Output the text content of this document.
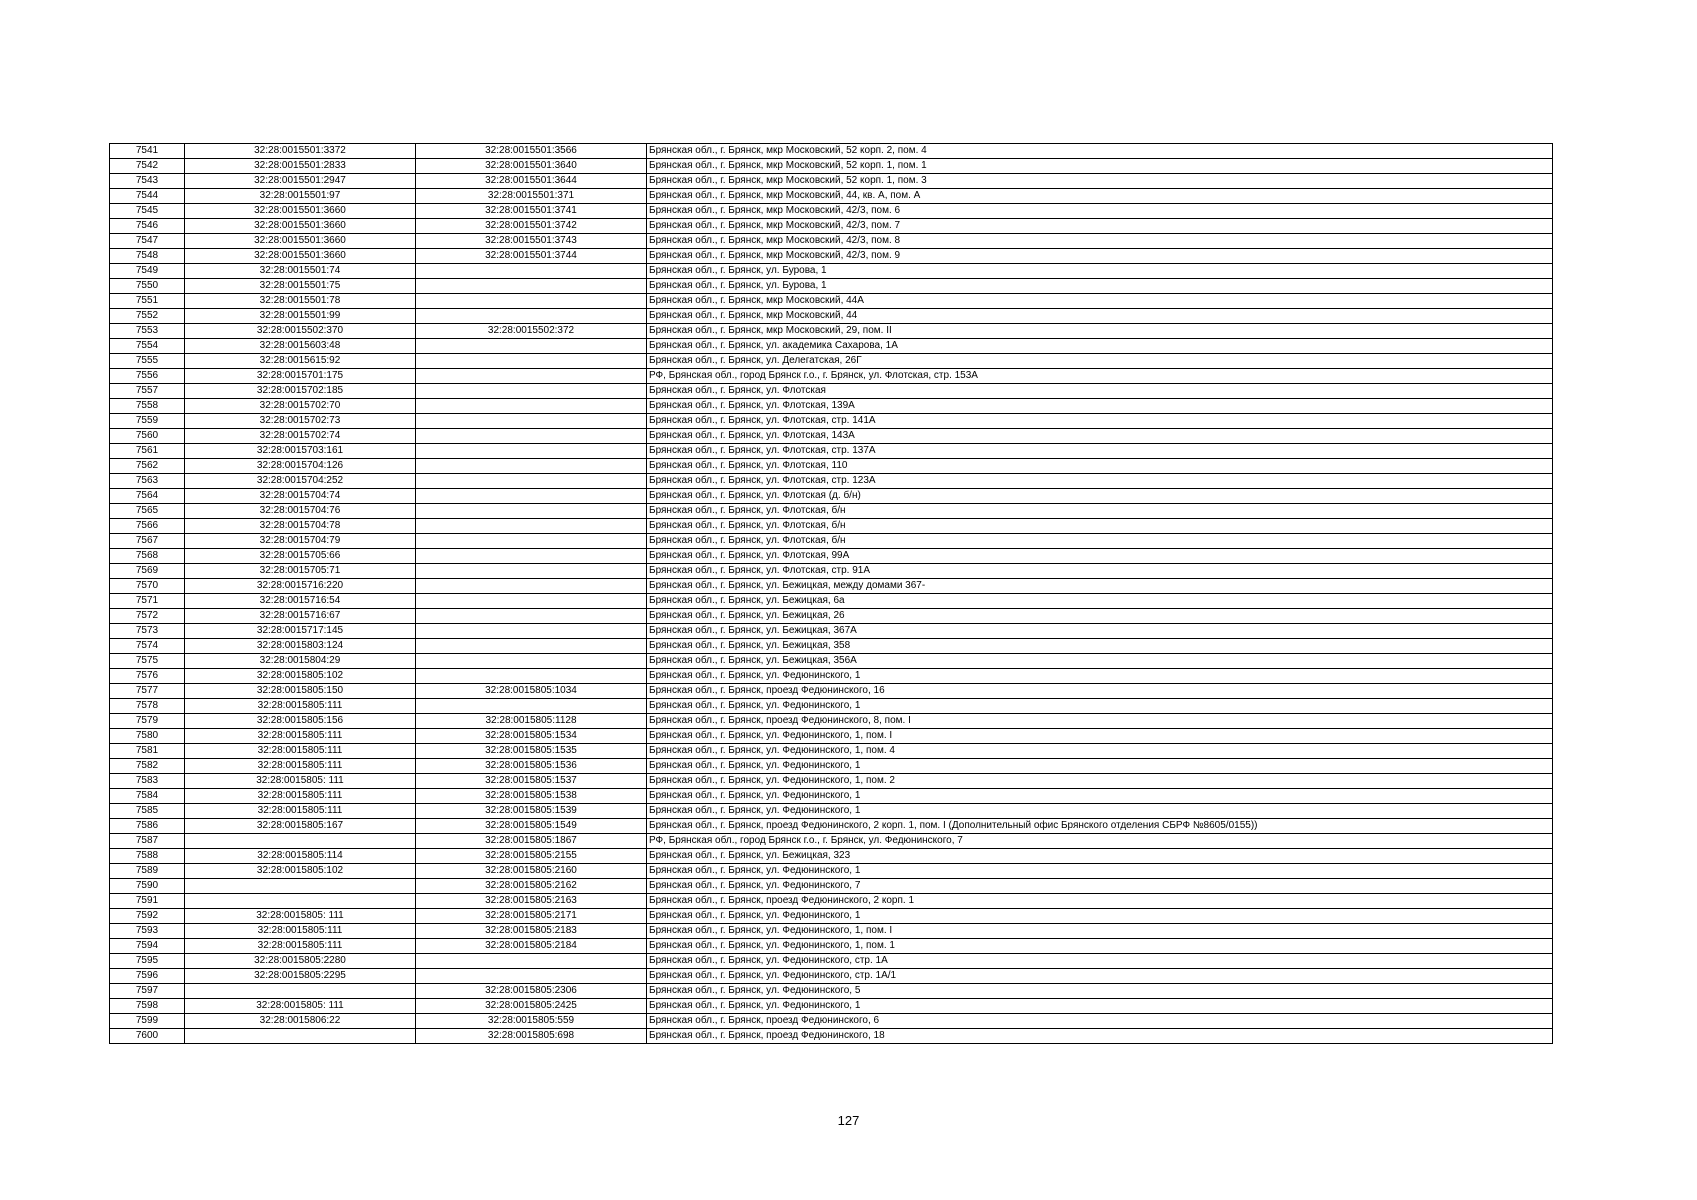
7541	32:28:0015501:3372	32:28:0015501:3566	Брянская обл., г. Брянск, мкр Московский, 52 корп. 2, пом. 4
7542	32:28:0015501:2833	32:28:0015501:3640	Брянская обл., г. Брянск, мкр Московский, 52 корп. 1, пом. 1
7543	32:28:0015501:2947	32:28:0015501:3644	Брянская обл., г. Брянск, мкр Московский, 52 корп. 1, пом. 3
7544	32:28:0015501:97	32:28:0015501:371	Брянская обл., г. Брянск, мкр Московский, 44, кв. А, пом. А
7545	32:28:0015501:3660	32:28:0015501:3741	Брянская обл., г. Брянск, мкр Московский, 42/3, пом. 6
7546	32:28:0015501:3660	32:28:0015501:3742	Брянская обл., г. Брянск, мкр Московский, 42/3, пом. 7
7547	32:28:0015501:3660	32:28:0015501:3743	Брянская обл., г. Брянск, мкр Московский, 42/3, пом. 8
7548	32:28:0015501:3660	32:28:0015501:3744	Брянская обл., г. Брянск, мкр Московский, 42/3, пом. 9
7549	32:28:0015501:74		Брянская обл., г. Брянск, ул. Бурова, 1
7550	32:28:0015501:75		Брянская обл., г. Брянск, ул. Бурова, 1
7551	32:28:0015501:78		Брянская обл., г. Брянск, мкр Московский, 44А
7552	32:28:0015501:99		Брянская обл., г. Брянск, мкр Московский, 44
7553	32:28:0015502:370	32:28:0015502:372	Брянская обл., г. Брянск, мкр Московский, 29, пом. II
7554	32:28:0015603:48		Брянская обл., г. Брянск, ул. академика Сахарова, 1А
7555	32:28:0015615:92		Брянская обл., г. Брянск, ул. Делегатская, 26Г
7556	32:28:0015701:175		РФ, Брянская обл., город Брянск г.о., г. Брянск, ул. Флотская, стр. 153А
7557	32:28:0015702:185		Брянская обл., г. Брянск, ул. Флотская
7558	32:28:0015702:70		Брянская обл., г. Брянск, ул. Флотская, 139А
7559	32:28:0015702:73		Брянская обл., г. Брянск, ул. Флотская, стр. 141А
7560	32:28:0015702:74		Брянская обл., г. Брянск, ул. Флотская, 143А
7561	32:28:0015703:161		Брянская обл., г. Брянск, ул. Флотская, стр. 137А
7562	32:28:0015704:126		Брянская обл., г. Брянск, ул. Флотская, 110
7563	32:28:0015704:252		Брянская обл., г. Брянск, ул. Флотская, стр. 123А
7564	32:28:0015704:74		Брянская обл., г. Брянск, ул. Флотская (д. б/н)
7565	32:28:0015704:76		Брянская обл., г. Брянск, ул. Флотская, б/н
7566	32:28:0015704:78		Брянская обл., г. Брянск, ул. Флотская, б/н
7567	32:28:0015704:79		Брянская обл., г. Брянск, ул. Флотская, б/н
7568	32:28:0015705:66		Брянская обл., г. Брянск, ул. Флотская, 99А
7569	32:28:0015705:71		Брянская обл., г. Брянск, ул. Флотская, стр. 91А
7570	32:28:0015716:220		Брянская обл., г. Брянск, ул. Бежицкая, между домами 367-
7571	32:28:0015716:54		Брянская обл., г. Брянск, ул. Бежицкая, 6а
7572	32:28:0015716:67		Брянская обл., г. Брянск, ул. Бежицкая, 26
7573	32:28:0015717:145		Брянская обл., г. Брянск, ул. Бежицкая, 367А
7574	32:28:0015803:124		Брянская обл., г. Брянск, ул. Бежицкая, 358
7575	32:28:0015804:29		Брянская обл., г. Брянск, ул. Бежицкая, 356А
7576	32:28:0015805:102		Брянская обл., г. Брянск, ул. Федюнинского, 1
7577	32:28:0015805:150	32:28:0015805:1034	Брянская обл., г. Брянск, проезд Федюнинского, 16
7578	32:28:0015805:111		Брянская обл., г. Брянск, ул. Федюнинского, 1
7579	32:28:0015805:156	32:28:0015805:1128	Брянская обл., г. Брянск, проезд Федюнинского, 8, пом. I
7580	32:28:0015805:111	32:28:0015805:1534	Брянская обл., г. Брянск, ул. Федюнинского, 1, пом. I
7581	32:28:0015805:111	32:28:0015805:1535	Брянская обл., г. Брянск, ул. Федюнинского, 1, пом. 4
7582	32:28:0015805:111	32:28:0015805:1536	Брянская обл., г. Брянск, ул. Федюнинского, 1
7583	32:28:0015805: 111	32:28:0015805:1537	Брянская обл., г. Брянск, ул. Федюнинского, 1, пом. 2
7584	32:28:0015805:111	32:28:0015805:1538	Брянская обл., г. Брянск, ул. Федюнинского, 1
7585	32:28:0015805:111	32:28:0015805:1539	Брянская обл., г. Брянск, ул. Федюнинского, 1
7586	32:28:0015805:167	32:28:0015805:1549	Брянская обл., г. Брянск, проезд Федюнинского, 2 корп. 1, пом. I (Дополнительный офис Брянского отделения СБРФ №8605/0155))
7587		32:28:0015805:1867	РФ, Брянская обл., город Брянск г.о., г. Брянск, ул. Федюнинского, 7
7588	32:28:0015805:114	32:28:0015805:2155	Брянская обл., г. Брянск, ул. Бежицкая, 323
7589	32:28:0015805:102	32:28:0015805:2160	Брянская обл., г. Брянск, ул. Федюнинского, 1
7590		32:28:0015805:2162	Брянская обл., г. Брянск, ул. Федюнинского, 7
7591		32:28:0015805:2163	Брянская обл., г. Брянск, проезд Федюнинского, 2 корп. 1
7592	32:28:0015805: 111	32:28:0015805:2171	Брянская обл., г. Брянск, ул. Федюнинского, 1
7593	32:28:0015805:111	32:28:0015805:2183	Брянская обл., г. Брянск, ул. Федюнинского, 1, пом. I
7594	32:28:0015805:111	32:28:0015805:2184	Брянская обл., г. Брянск, ул. Федюнинского, 1, пом. 1
7595	32:28:0015805:2280		Брянская обл., г. Брянск, ул. Федюнинского, стр. 1А
7596	32:28:0015805:2295		Брянская обл., г. Брянск, ул. Федюнинского, стр. 1А/1
7597		32:28:0015805:2306	Брянская обл., г. Брянск, ул. Федюнинского, 5
7598	32:28:0015805: 111	32:28:0015805:2425	Брянская обл., г. Брянск, ул. Федюнинского, 1
7599	32:28:0015806:22	32:28:0015805:559	Брянская обл., г. Брянск, проезд Федюнинского, 6
7600		32:28:0015805:698	Брянская обл., г. Брянск, проезд Федюнинского, 18
127
